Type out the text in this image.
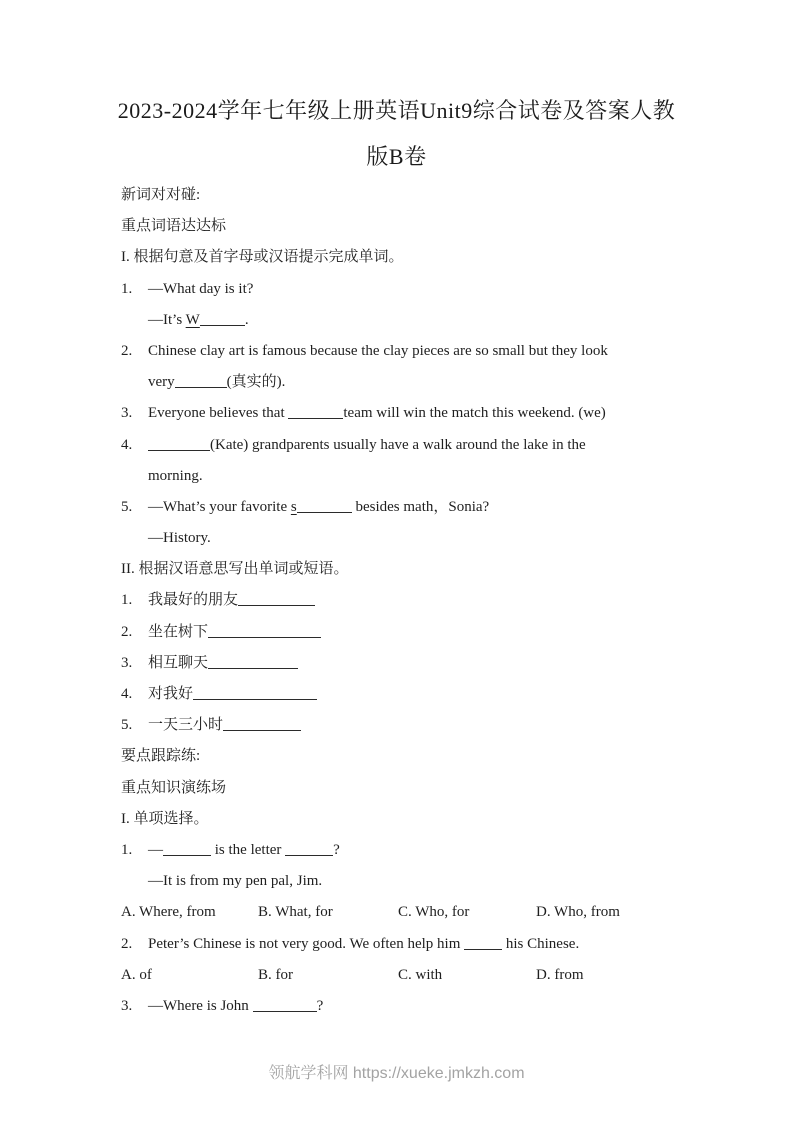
2023-2024学年七年级上册英语Unit9综合试卷及答案人教
版B卷
新词对对碰:
重点词语达达标
I. 根据句意及首字母或汉语提示完成单词。
1. —What day is it?
—It’s W	.
2. Chinese clay art is famous because the clay pieces are so small but they look
very	(真实的).
3. Everyone believes that	team will win the match this weekend. (we)
4.	(Kate) grandparents usually have a walk around the lake in the
morning.
5. —What’s your favorite s	besides math，Sonia?
—History.
II. 根据汉语意思写出单词或短语。
1. 我最好的朋友
2. 坐在树下
3. 相互聊天
4. 对我好
5. 一天三小时
要点跟踪练:
重点知识演练场
I. 单项选择。
1. —	is the letter	?
—It is from my pen pal, Jim.
A. Where, from	B. What, for	C. Who, for	D. Who, from
2. Peter’s Chinese is not very good. We often help him	his Chinese.
A. of	B. for	C. with	D. from
3. —Where is John	?
领航学科网 https://xueke.jmkzh.com
